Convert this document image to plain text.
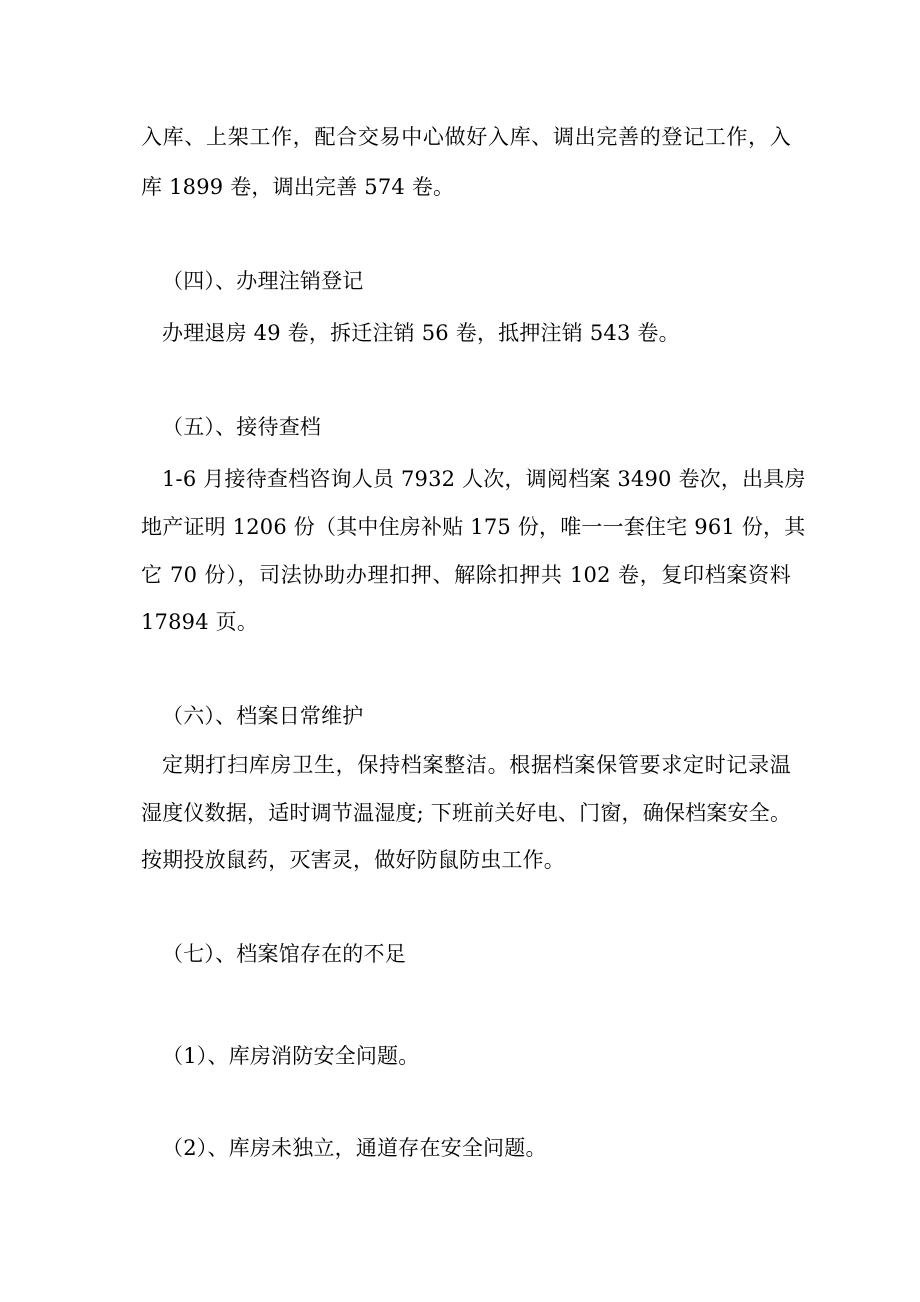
入库、上架工作，配合交易中心做好入库、调出完善的登记工作，入
库 1899 卷，调出完善 574 卷。
（四）、办理注销登记
办理退房 49 卷，拆迁注销 56 卷，抵押注销 543 卷。
（五）、接待查档
1-6 月接待查档咨询人员 7932 人次，调阅档案 3490 卷次，出具房
地产证明 1206 份（其中住房补贴 175 份，唯一一套住宅 961 份，其
它 70 份），司法协助办理扣押、解除扣押共 102 卷，复印档案资料
17894 页。
（六）、档案日常维护
定期打扫库房卫生，保持档案整洁。根据档案保管要求定时记录温
湿度仪数据，适时调节温湿度; 下班前关好电、门窗，确保档案安全。
按期投放鼠药，灭害灵，做好防鼠防虫工作。
（七）、档案馆存在的不足
（1）、库房消防安全问题。
（2）、库房未独立，通道存在安全问题。
